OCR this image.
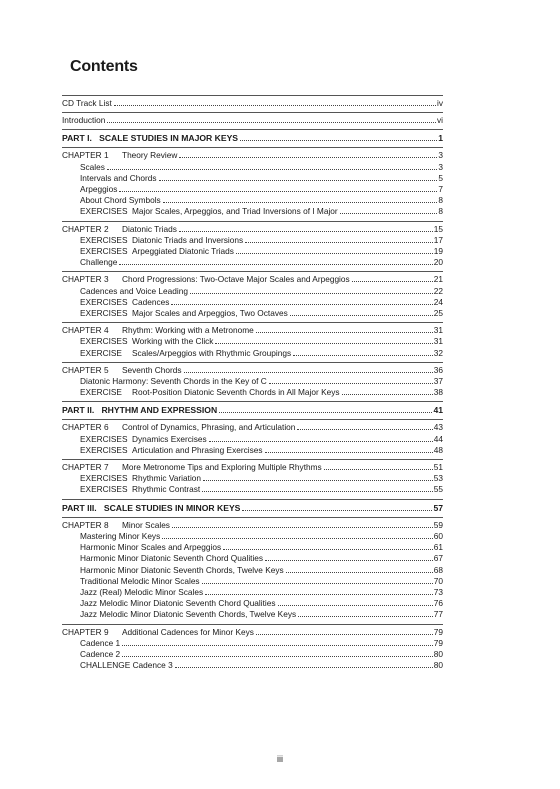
Contents
CD Track List	iv
Introduction	vi
PART I.   SCALE STUDIES IN MAJOR KEYS	1
CHAPTER 1 Theory Review	3
Scales	3
Intervals and Chords	5
Arpeggios	7
About Chord Symbols	8
EXERCISES Major Scales, Arpeggios, and Triad Inversions of I Major	8
CHAPTER 2 Diatonic Triads	15
EXERCISES Diatonic Triads and Inversions	17
EXERCISES Arpeggiated Diatonic Triads	19
Challenge	20
CHAPTER 3 Chord Progressions: Two-Octave Major Scales and Arpeggios	21
Cadences and Voice Leading	22
EXERCISES Cadences	24
EXERCISES Major Scales and Arpeggios, Two Octaves	25
CHAPTER 4 Rhythm: Working with a Metronome	31
EXERCISES Working with the Click	31
EXERCISE Scales/Arpeggios with Rhythmic Groupings	32
CHAPTER 5 Seventh Chords	36
Diatonic Harmony: Seventh Chords in the Key of C	37
EXERCISE Root-Position Diatonic Seventh Chords in All Major Keys	38
PART II.   RHYTHM AND EXPRESSION	41
CHAPTER 6 Control of Dynamics, Phrasing, and Articulation	43
EXERCISES Dynamics Exercises	44
EXERCISES Articulation and Phrasing Exercises	48
CHAPTER 7 More Metronome Tips and Exploring Multiple Rhythms	51
EXERCISES Rhythmic Variation	53
EXERCISES Rhythmic Contrast	55
PART III.   SCALE STUDIES IN MINOR KEYS	57
CHAPTER 8 Minor Scales	59
Mastering Minor Keys	60
Harmonic Minor Scales and Arpeggios	61
Harmonic Minor Diatonic Seventh Chord Qualities	67
Harmonic Minor Diatonic Seventh Chords, Twelve Keys	68
Traditional Melodic Minor Scales	70
Jazz (Real) Melodic Minor Scales	73
Jazz Melodic Minor Diatonic Seventh Chord Qualities	76
Jazz Melodic Minor Diatonic Seventh Chords, Twelve Keys	77
CHAPTER 9 Additional Cadences for Minor Keys	79
Cadence 1	79
Cadence 2	80
CHALLENGE Cadence 3	80
iii
